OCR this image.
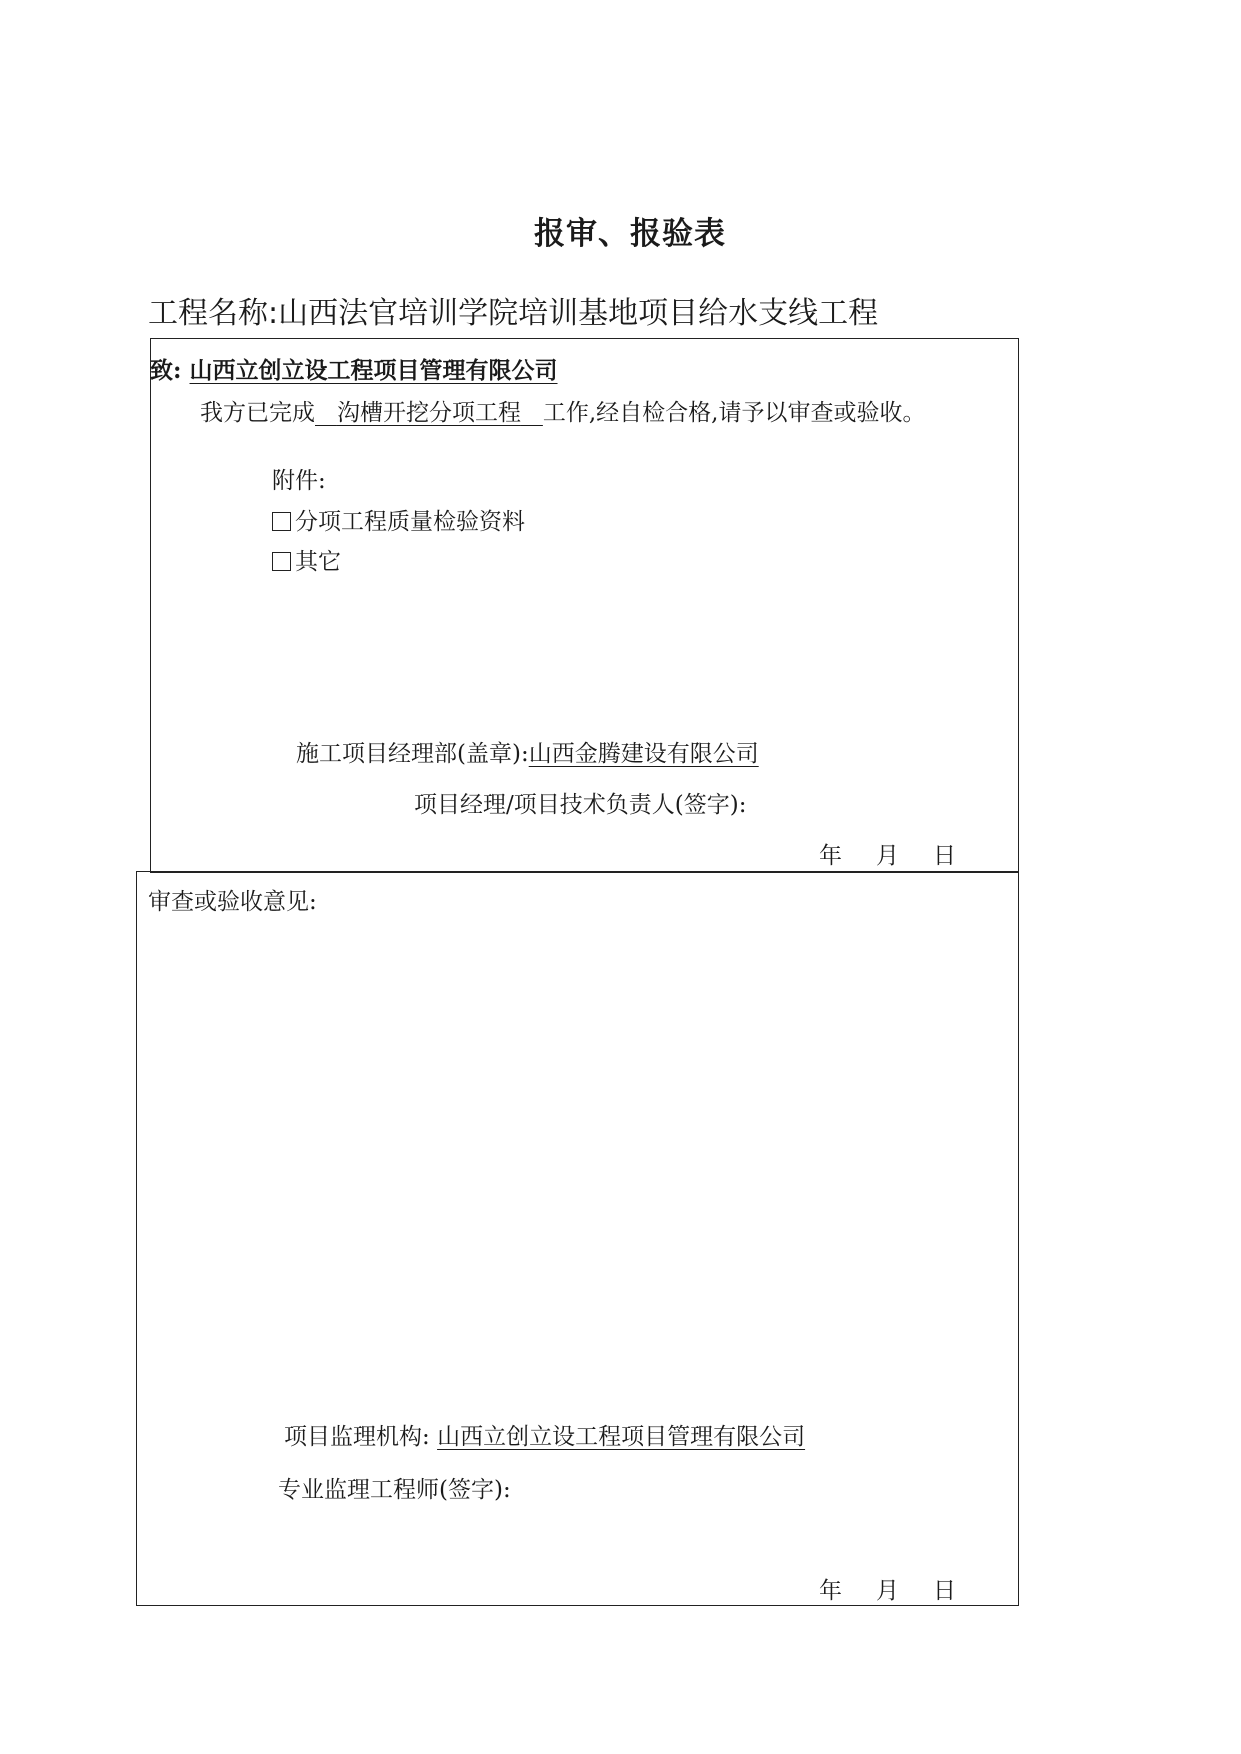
报审、报验表
工程名称:山西法官培训学院培训基地项目给水支线工程
致: 山西立创立设工程项目管理有限公司
我方已完成 沟槽开挖分项工程 工作,经自检合格,请予以审查或验收。
附件:
分项工程质量检验资料
其它
施工项目经理部(盖章):山西金腾建设有限公司
项目经理/项目技术负责人(签字):
年 月 日
审查或验收意见:
项目监理机构: 山西立创立设工程项目管理有限公司
专业监理工程师(签字):
年 月 日
